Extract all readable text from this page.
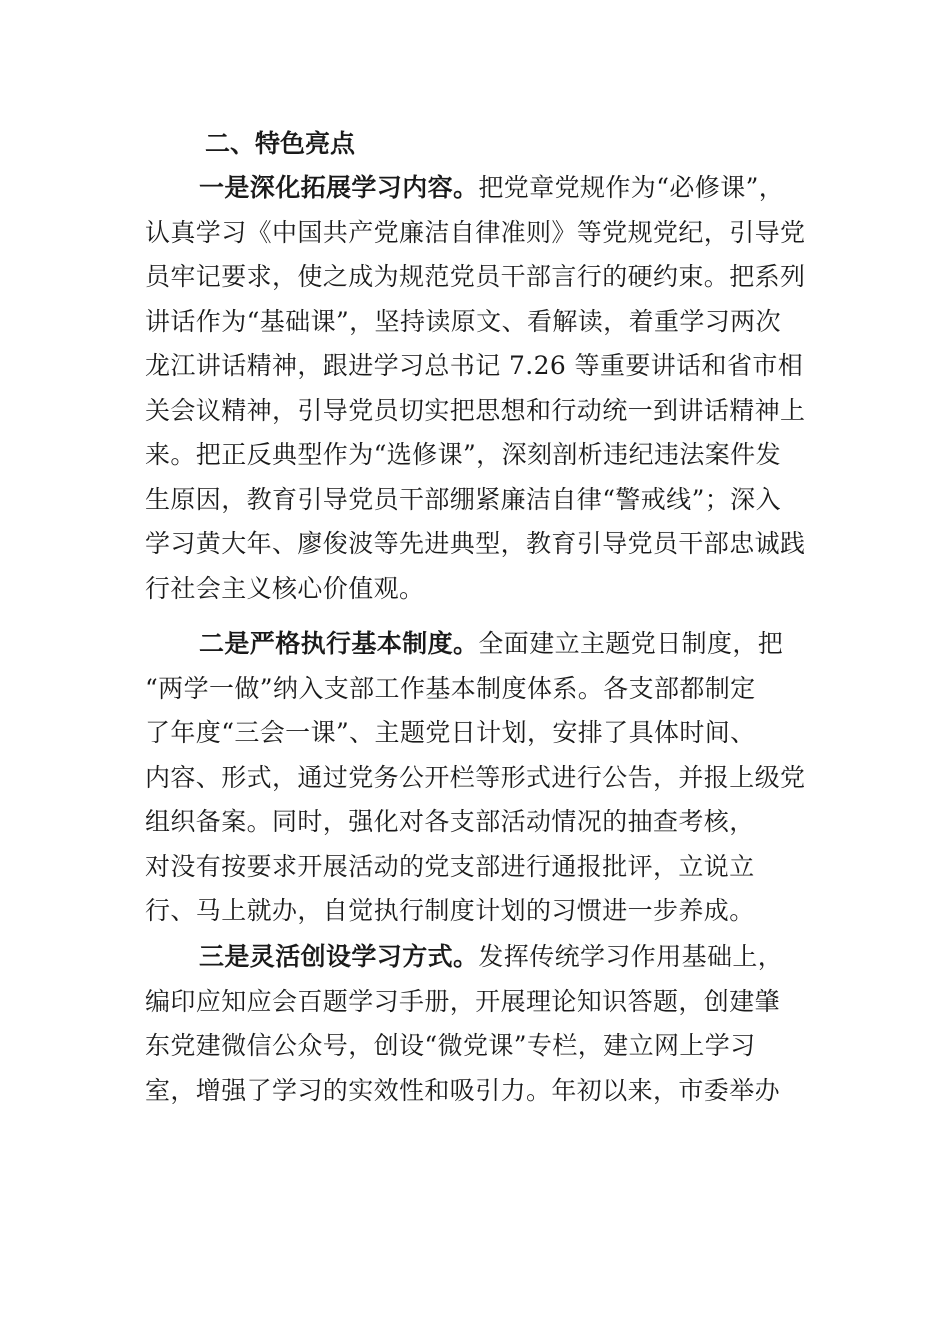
二、特色亮点
一是深化拓展学习内容。把党章党规作为“必修课”，
认真学习《中国共产党廉洁自律准则》等党规党纪，引导党
员牢记要求，使之成为规范党员干部言行的硬约束。把系列
讲话作为“基础课”，坚持读原文、看解读，着重学习两次
龙江讲话精神，跟进学习总书记 7.26 等重要讲话和省市相
关会议精神，引导党员切实把思想和行动统一到讲话精神上
来。把正反典型作为“选修课”，深刻剖析违纪违法案件发
生原因，教育引导党员干部绷紧廉洁自律“警戒线”；深入
学习黄大年、廖俊波等先进典型，教育引导党员干部忠诚践
行社会主义核心价值观。
二是严格执行基本制度。全面建立主题党日制度，把
“两学一做”纳入支部工作基本制度体系。各支部都制定
了年度“三会一课”、主题党日计划，安排了具体时间、
内容、形式，通过党务公开栏等形式进行公告，并报上级党
组织备案。同时，强化对各支部活动情况的抽查考核，
对没有按要求开展活动的党支部进行通报批评，立说立
行、马上就办，自觉执行制度计划的习惯进一步养成。
三是灵活创设学习方式。发挥传统学习作用基础上，
编印应知应会百题学习手册，开展理论知识答题，创建肇
东党建微信公众号，创设“微党课”专栏，建立网上学习
室，增强了学习的实效性和吸引力。年初以来，市委举办
